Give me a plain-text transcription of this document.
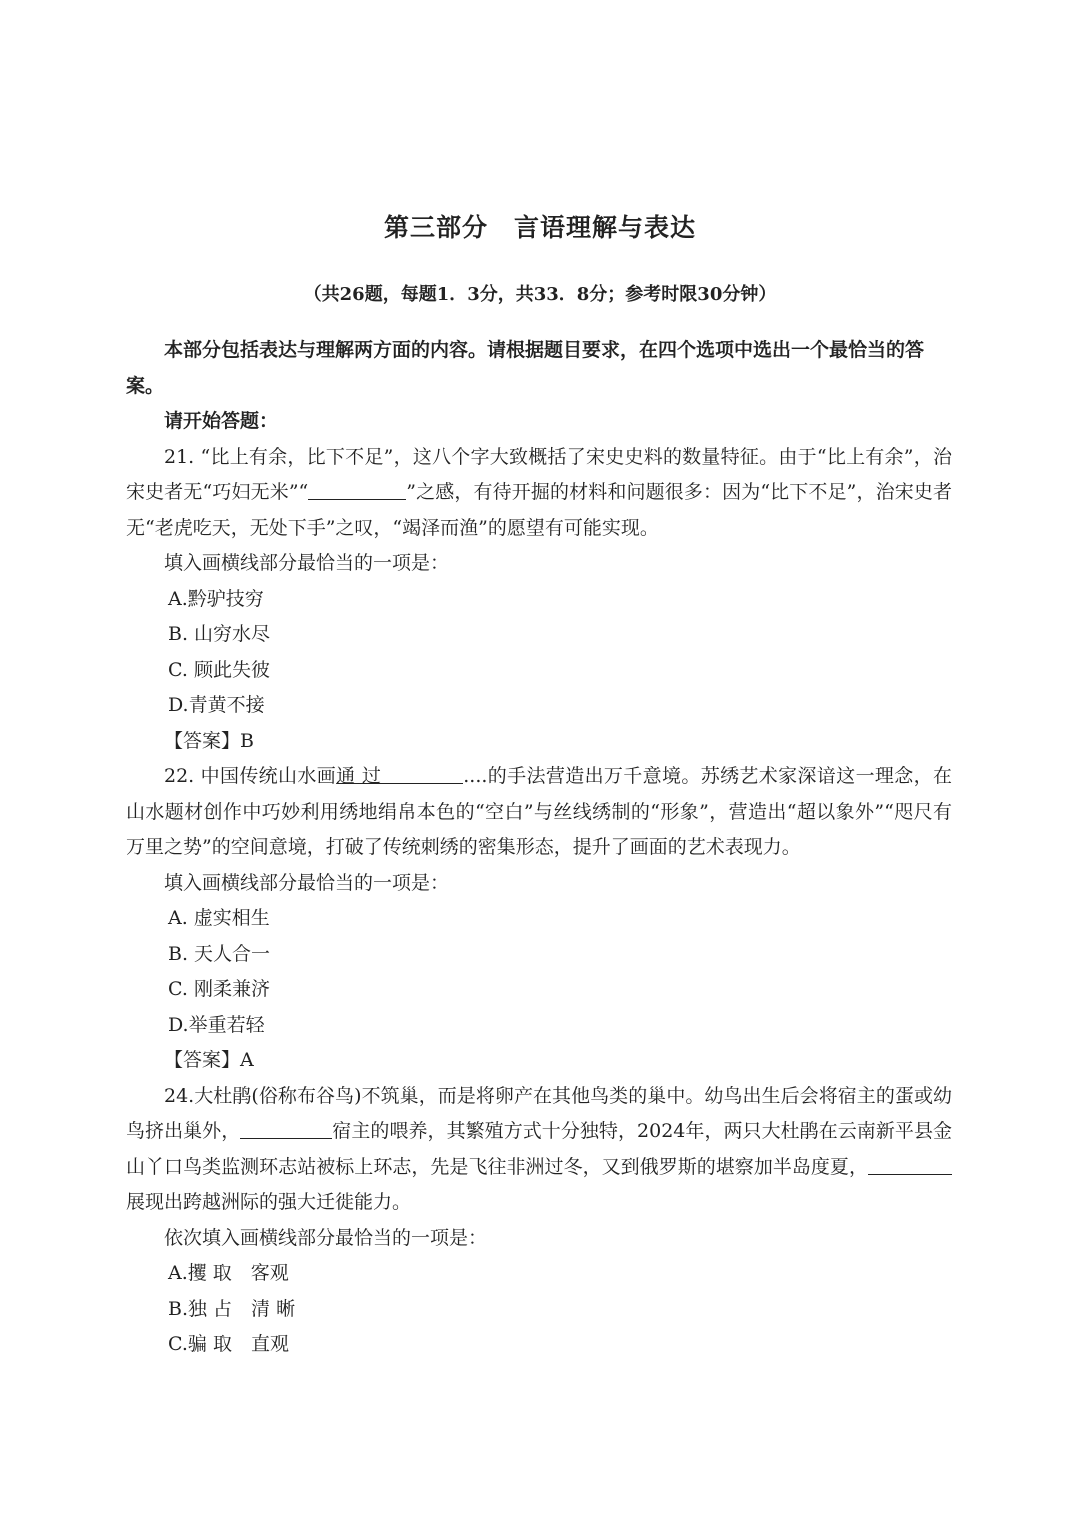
第三部分 言语理解与表达
（共26题，每题1．3分，共33．8分；参考时限30分钟）

本部分包括表达与理解两方面的内容。请根据题目要求，在四个选项中选出一个最恰当的答案。

请开始答题：

21. “比上有余，比下不足”，这八个字大致概括了宋史史料的数量特征。由于“比上有余”，治宋史者无“巧妇无米”“	”之感，有待开掘的材料和问题很多：因为“比下不足”，治宋史者无“老虎吃天，无处下手”之叹，“竭泽而渔”的愿望有可能实现。

填入画横线部分最恰当的一项是：

A.黔驴技穷

B. 山穷水尽

C. 顾此失彼

D.青黄不接

【答案】B

22. 中国传统山水画通 过	....的手法营造出万千意境。苏绣艺术家深谙这一理念，在山水题材创作中巧妙利用绣地绢帛本色的“空白”与丝线绣制的“形象”，营造出“超以象外”“咫尺有万里之势”的空间意境，打破了传统刺绣的密集形态，提升了画面的艺术表现力。

填入画横线部分最恰当的一项是：

A. 虚实相生

B. 天人合一

C. 刚柔兼济

D.举重若轻

【答案】A

24.大杜鹃(俗称布谷鸟)不筑巢，而是将卵产在其他鸟类的巢中。幼鸟出生后会将宿主的蛋或幼鸟挤出巢外，	宿主的喂养，其繁殖方式十分独特，2024年，两只大杜鹃在云南新平县金山丫口鸟类监测环志站被标上环志，先是飞往非洲过冬，又到俄罗斯的堪察加半岛度夏，展现出跨越洲际的强大迁徙能力。

依次填入画横线部分最恰当的一项是：

A.攫 取　客观

B.独 占　清 晰

C.骗 取　直观
